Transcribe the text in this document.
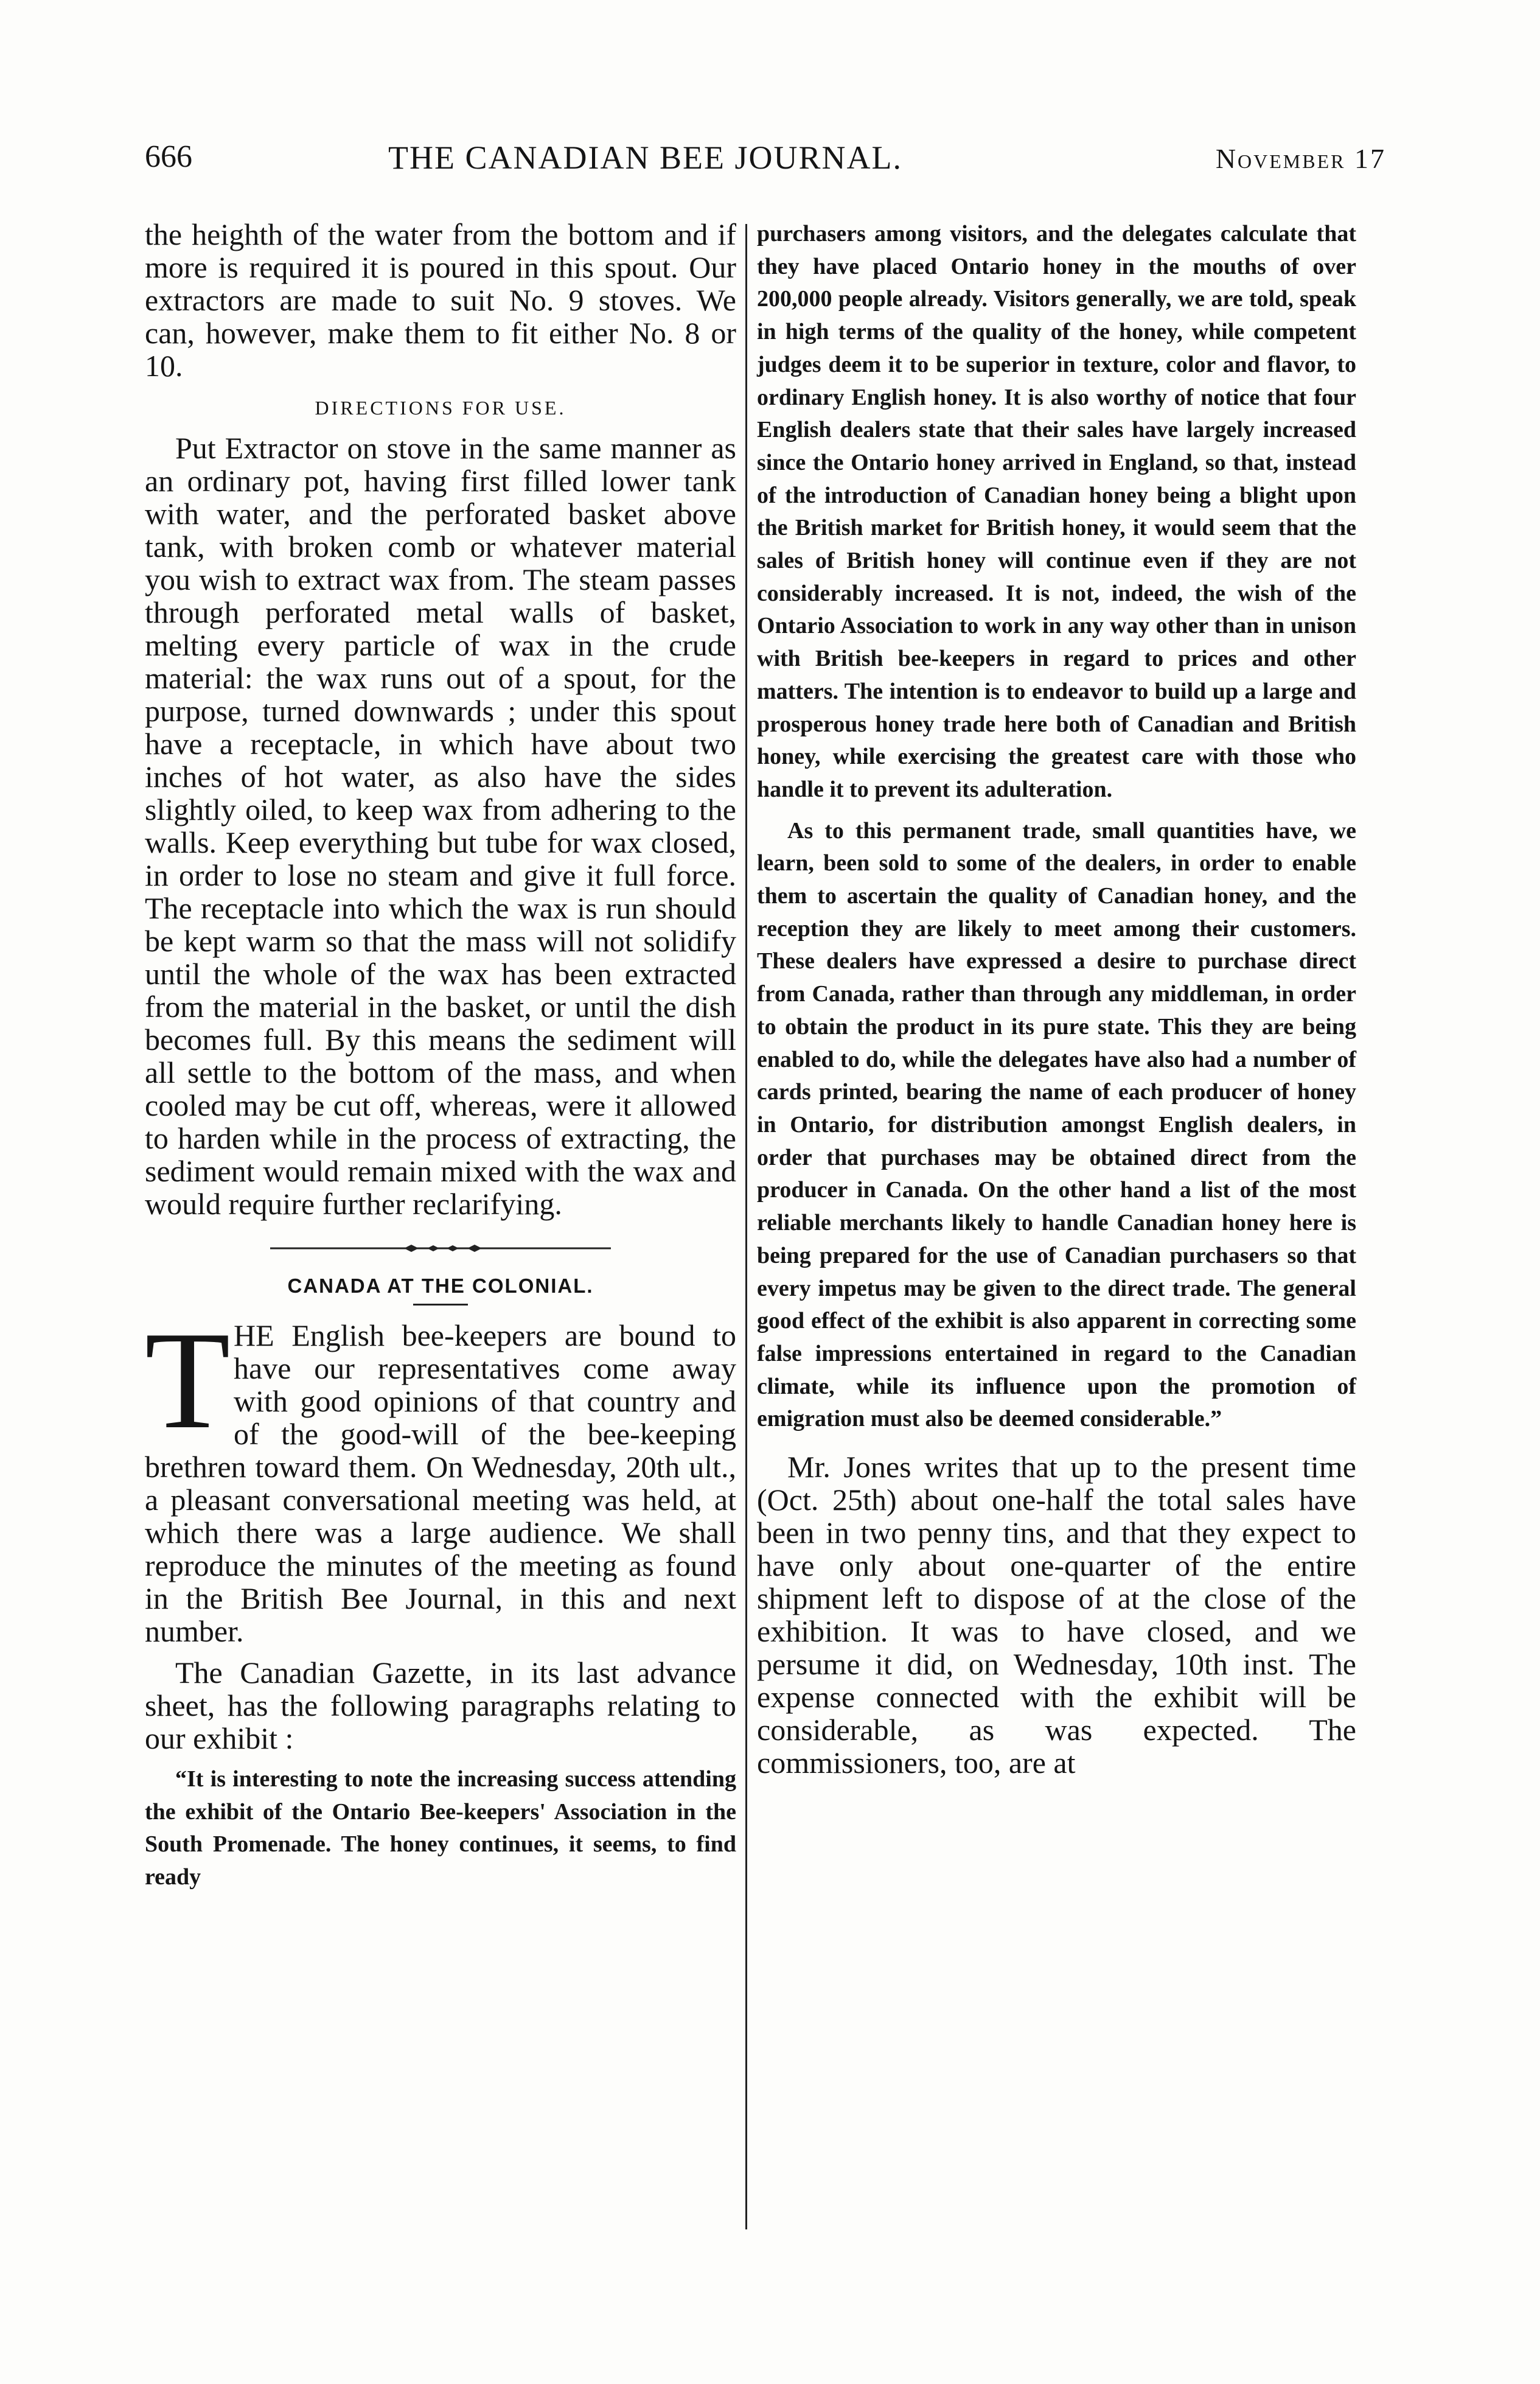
666	THE CANADIAN BEE JOURNAL.	November 17

the heighth of the water from the bottom and if more is required it is poured in this spout. Our extractors are made to suit No. 9 stoves. We can, however, make them to fit either No. 8 or 10.

DIRECTIONS FOR USE.

Put Extractor on stove in the same manner as an ordinary pot, having first filled lower tank with water, and the perforated basket above tank, with broken comb or whatever material you wish to extract wax from. The steam passes through perforated metal walls of basket, melting every particle of wax in the crude material: the wax runs out of a spout, for the purpose, turned downwards ; under this spout have a receptacle, in which have about two inches of hot water, as also have the sides slightly oiled, to keep wax from adhering to the walls. Keep everything but tube for wax closed, in order to lose no steam and give it full force. The receptacle into which the wax is run should be kept warm so that the mass will not solidify until the whole of the wax has been extracted from the material in the basket, or until the dish becomes full. By this means the sediment will all settle to the bottom of the mass, and when cooled may be cut off, whereas, were it allowed to harden while in the process of extracting, the sediment would remain mixed with the wax and would require further reclarifying.

CANADA AT THE COLONIAL.

THE English bee-keepers are bound to have our representatives come away with good opinions of that country and of the good-will of the bee-keeping brethren toward them. On Wednesday, 20th ult., a pleasant conversational meeting was held, at which there was a large audience. We shall reproduce the minutes of the meeting as found in the British Bee Journal, in this and next number.

The Canadian Gazette, in its last advance sheet, has the following paragraphs relating to our exhibit :

“It is interesting to note the increasing success attending the exhibit of the Ontario Bee-keepers' Association in the South Promenade. The honey continues, it seems, to find ready

purchasers among visitors, and the delegates calculate that they have placed Ontario honey in the mouths of over 200,000 people already. Visitors generally, we are told, speak in high terms of the quality of the honey, while competent judges deem it to be superior in texture, color and flavor, to ordinary English honey. It is also worthy of notice that four English dealers state that their sales have largely increased since the Ontario honey arrived in England, so that, instead of the introduction of Canadian honey being a blight upon the British market for British honey, it would seem that the sales of British honey will continue even if they are not considerably increased. It is not, indeed, the wish of the Ontario Association to work in any way other than in unison with British bee-keepers in regard to prices and other matters. The intention is to endeavor to build up a large and prosperous honey trade here both of Canadian and British honey, while exercising the greatest care with those who handle it to prevent its adulteration.

As to this permanent trade, small quantities have, we learn, been sold to some of the dealers, in order to enable them to ascertain the quality of Canadian honey, and the reception they are likely to meet among their customers. These dealers have expressed a desire to purchase direct from Canada, rather than through any middleman, in order to obtain the product in its pure state. This they are being enabled to do, while the delegates have also had a number of cards printed, bearing the name of each producer of honey in Ontario, for distribution amongst English dealers, in order that purchases may be obtained direct from the producer in Canada. On the other hand a list of the most reliable merchants likely to handle Canadian honey here is being prepared for the use of Canadian purchasers so that every impetus may be given to the direct trade. The general good effect of the exhibit is also apparent in correcting some false impressions entertained in regard to the Canadian climate, while its influence upon the promotion of emigration must also be deemed considerable.”

Mr. Jones writes that up to the present time (Oct. 25th) about one-half the total sales have been in two penny tins, and that they expect to have only about one-quarter of the entire shipment left to dispose of at the close of the exhibition. It was to have closed, and we persume it did, on Wednesday, 10th inst. The expense connected with the exhibit will be considerable, as was expected. The commissioners, too, are at
